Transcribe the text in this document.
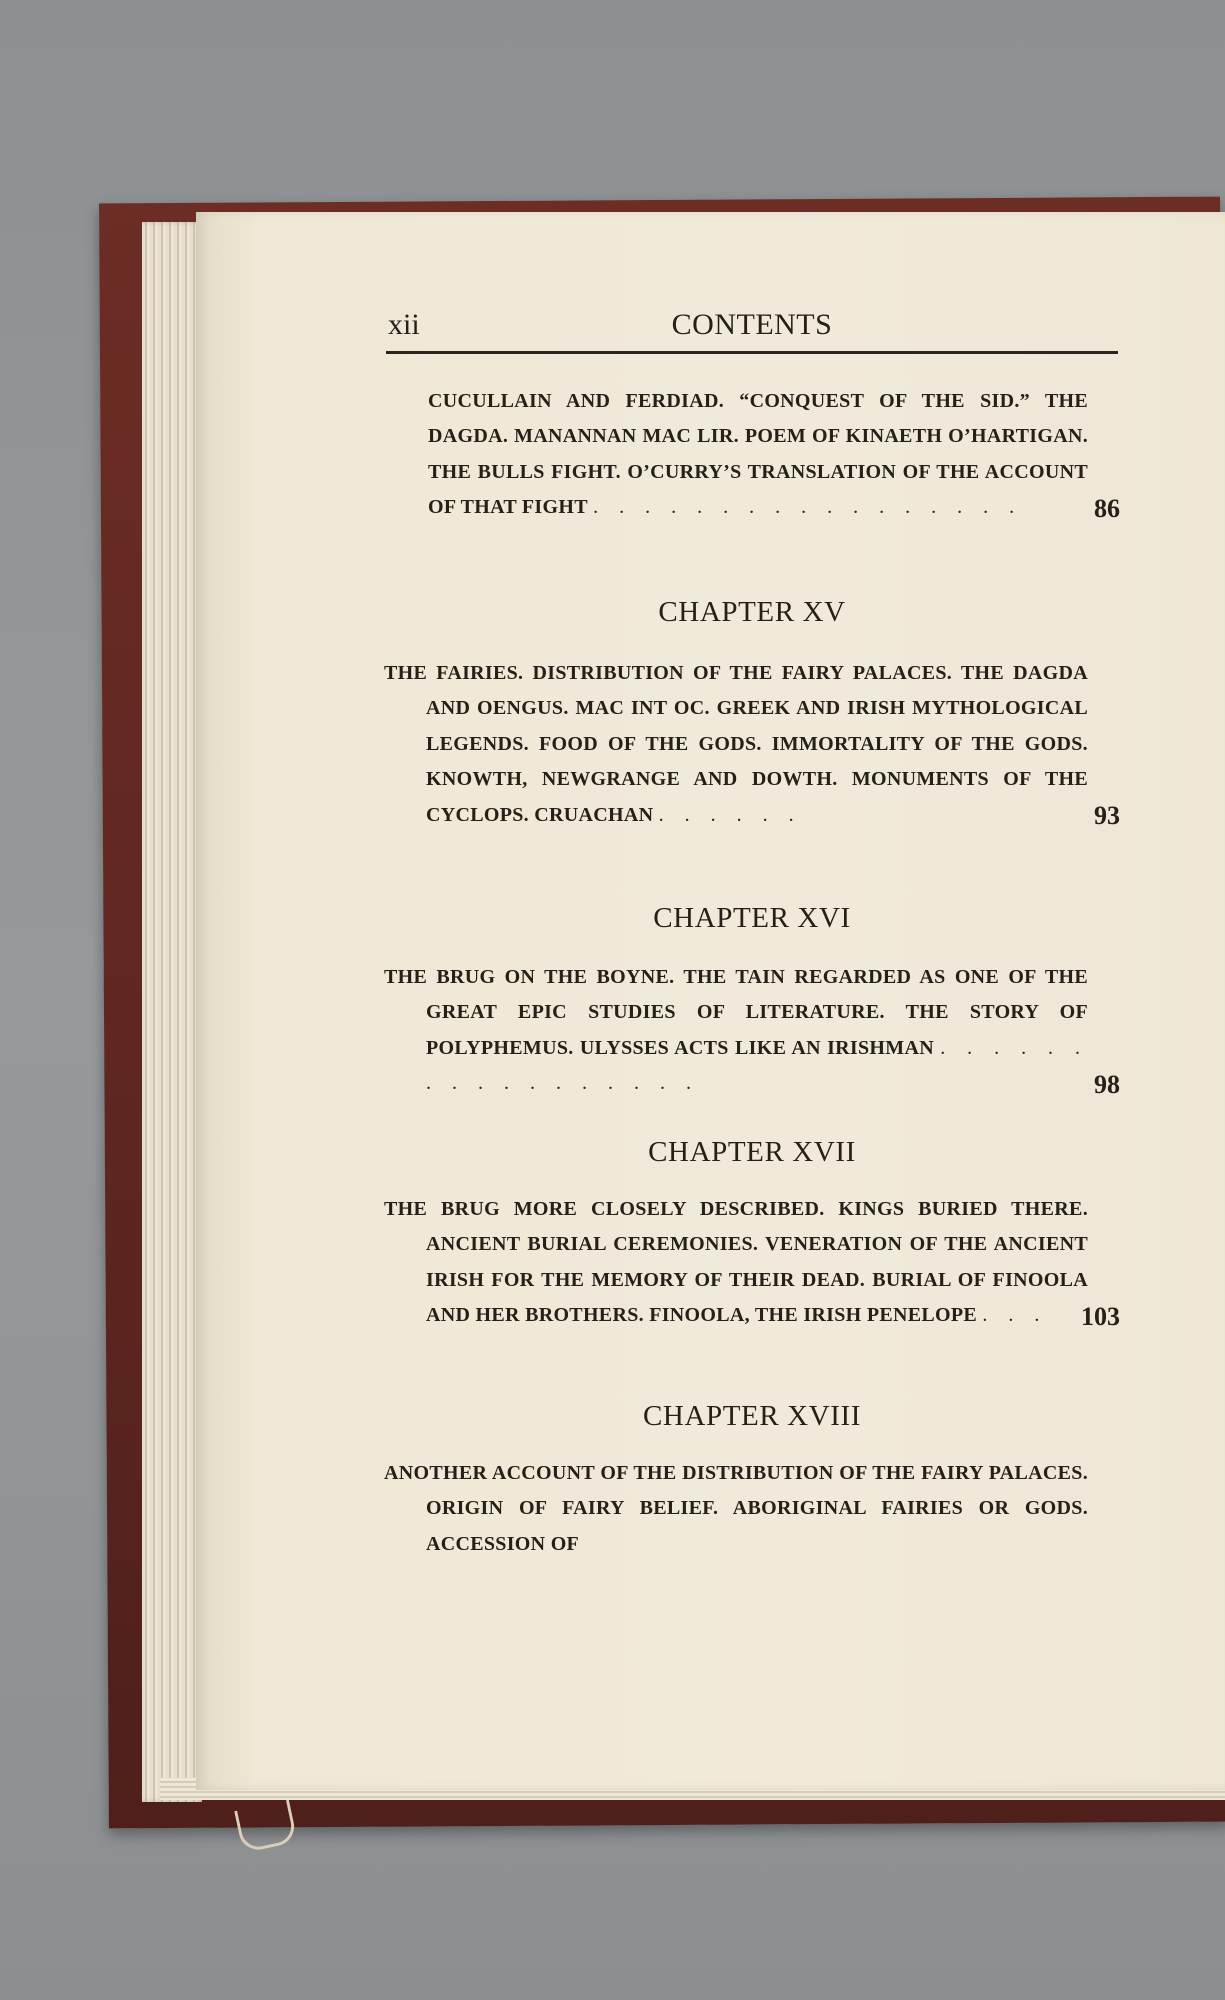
xii	CONTENTS
CUCULLAIN AND FERDIAD. “CONQUEST OF THE SID.” THE DAGDA. MANANNAN MAC LIR. POEM OF KINAETH O’HARTIGAN. THE BULLS FIGHT. O’CURRY’S TRANSLATION OF THE ACCOUNT OF THAT FIGHT . . . . . . . . . . . . . . . . .	86
CHAPTER XV
THE FAIRIES. DISTRIBUTION OF THE FAIRY PALACES. THE DAGDA AND OENGUS. MAC INT OC. GREEK AND IRISH MYTHOLOGICAL LEGENDS. FOOD OF THE GODS. IMMORTALITY OF THE GODS. KNOWTH, NEWGRANGE AND DOWTH. MONUMENTS OF THE CYCLOPS. CRUACHAN . . . . . .	93
CHAPTER XVI
THE BRUG ON THE BOYNE. THE TAIN REGARDED AS ONE OF THE GREAT EPIC STUDIES OF LITERATURE. THE STORY OF POLYPHEMUS. ULYSSES ACTS LIKE AN IRISHMAN . . . . . . . . . . . . . . . . .	98
CHAPTER XVII
THE BRUG MORE CLOSELY DESCRIBED. KINGS BURIED THERE. ANCIENT BURIAL CEREMONIES. VENERATION OF THE ANCIENT IRISH FOR THE MEMORY OF THEIR DEAD. BURIAL OF FINOOLA AND HER BROTHERS. FINOOLA, THE IRISH PENELOPE . . .	103
CHAPTER XVIII
ANOTHER ACCOUNT OF THE DISTRIBUTION OF THE FAIRY PALACES. ORIGIN OF FAIRY BELIEF. ABORIGINAL FAIRIES OR GODS. ACCESSION OF
